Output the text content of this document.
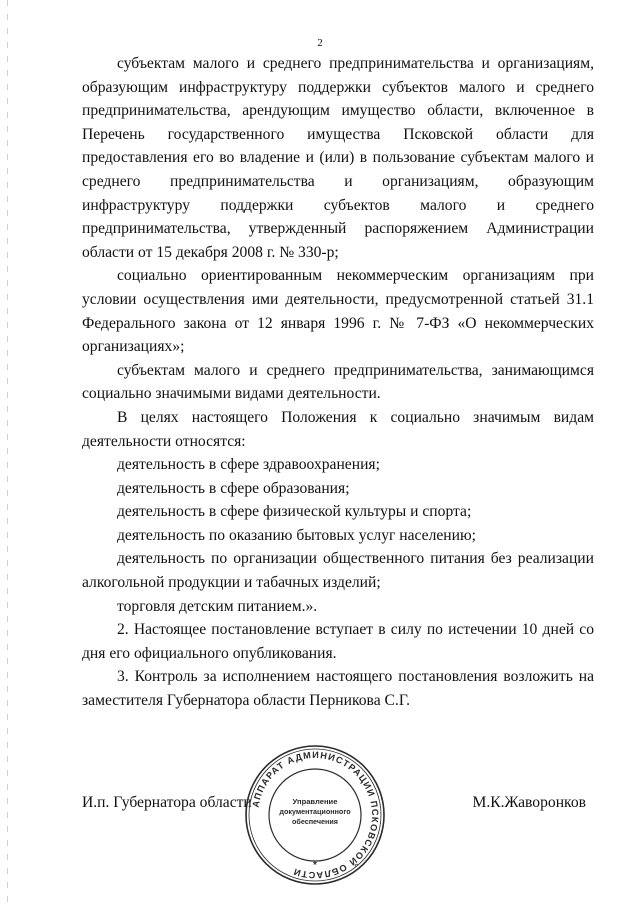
2

субъектам малого и среднего предпринимательства и организациям, образующим инфраструктуру поддержки субъектов малого и среднего предпринимательства, арендующим имущество области, включенное в Перечень государственного имущества Псковской области для предоставления его во владение и (или) в пользование субъектам малого и среднего предпринимательства и организациям, образующим инфраструктуру поддержки субъектов малого и среднего предпринимательства, утвержденный распоряжением Администрации области от 15 декабря 2008 г. № 330-р;

социально ориентированным некоммерческим организациям при условии осуществления ими деятельности, предусмотренной статьей 31.1 Федерального закона от 12 января 1996 г. № 7-ФЗ «О некоммерческих организациях»;

субъектам малого и среднего предпринимательства, занимающимся социально значимыми видами деятельности.

В целях настоящего Положения к социально значимым видам деятельности относятся:

деятельность в сфере здравоохранения;

деятельность в сфере образования;

деятельность в сфере физической культуры и спорта;

деятельность по оказанию бытовых услуг населению;

деятельность по организации общественного питания без реализации алкогольной продукции и табачных изделий;

торговля детским питанием.».

2. Настоящее постановление вступает в силу по истечении 10 дней со дня его официального опубликования.

3. Контроль за исполнением настоящего постановления возложить на заместителя Губернатора области Перникова С.Г.

И.п. Губернатора области	М.К.Жаворонков
АППАРАТ АДМИНИСТРАЦИИ ПСКОВСКОЙ ОБЛАСТИ
Управление
документационного
обеспечения
*
